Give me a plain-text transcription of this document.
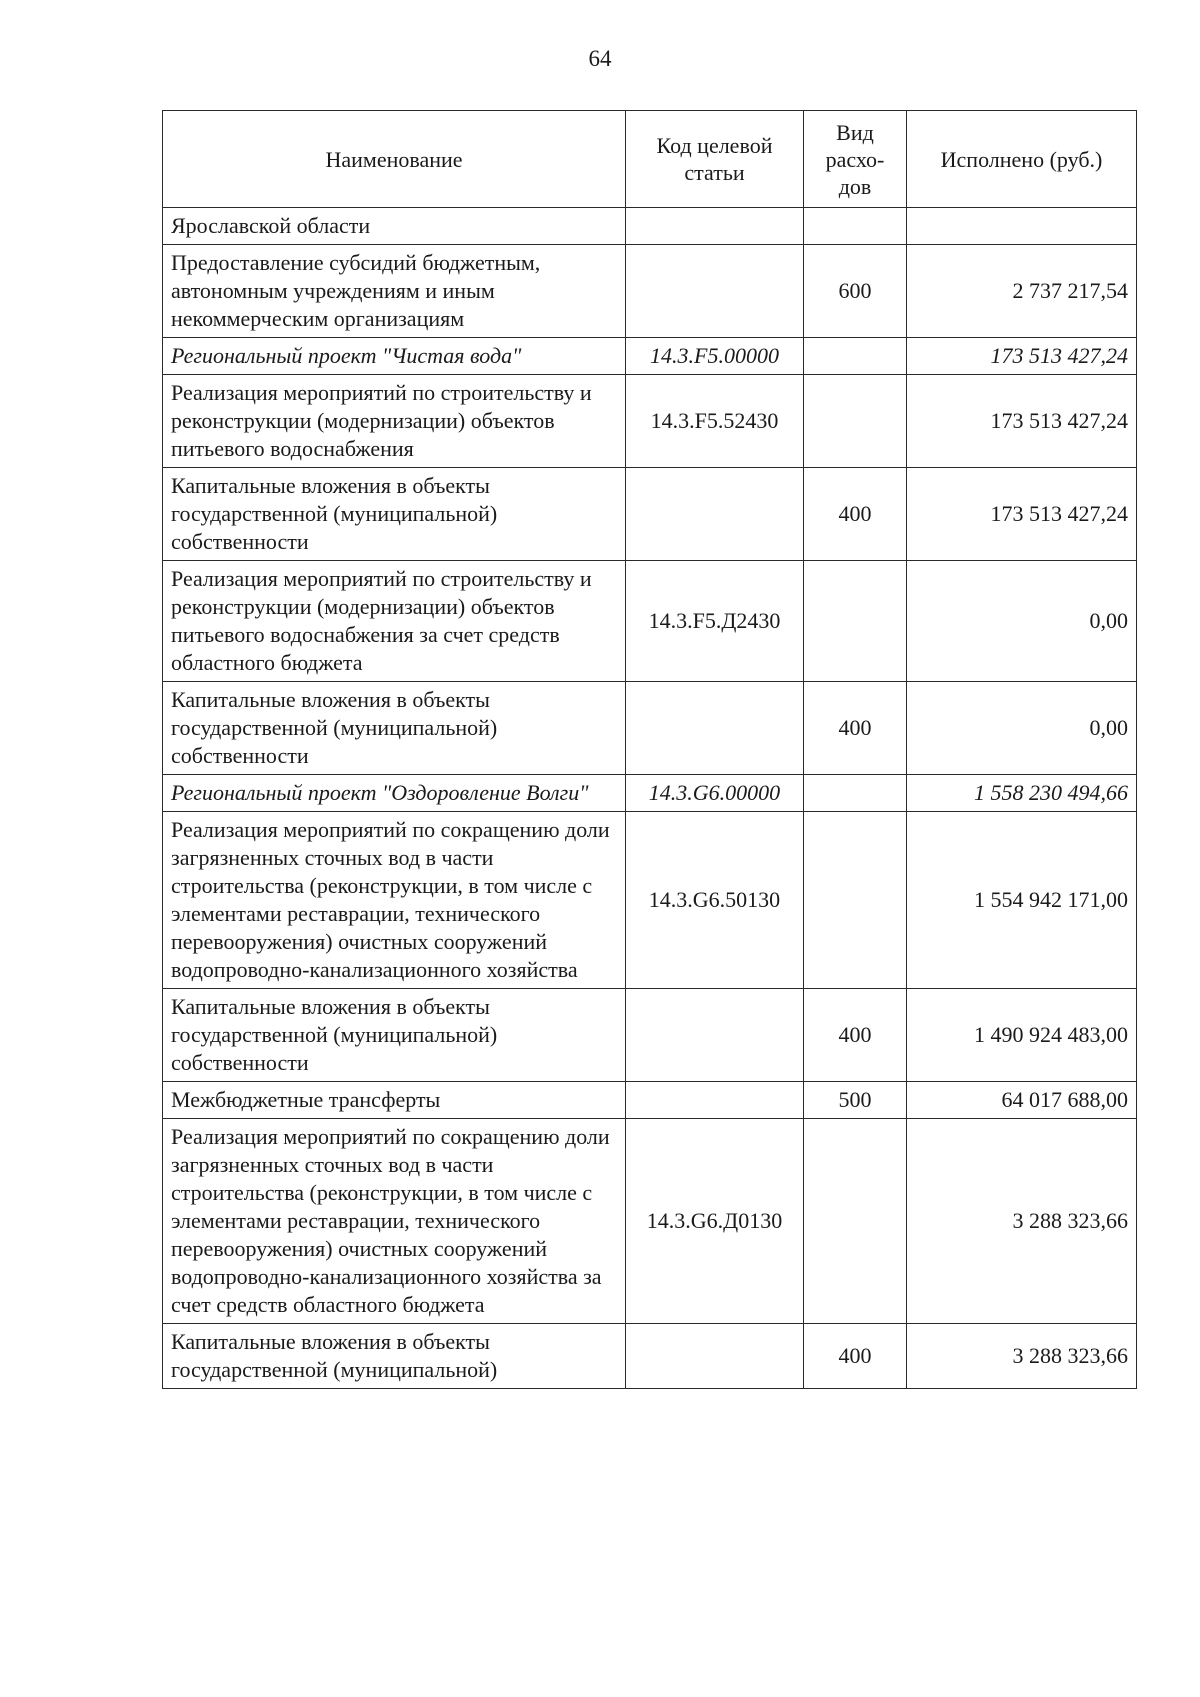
64
Наименование	Код целевой статьи	Вид расхо-дов	Исполнено (руб.)
Ярославской области			
Предоставление субсидий бюджетным, автономным учреждениям и иным некоммерческим организациям		600	2 737 217,54
Региональный проект "Чистая вода"	14.3.F5.00000		173 513 427,24
Реализация мероприятий по строительству и реконструкции (модернизации) объектов питьевого водоснабжения	14.3.F5.52430		173 513 427,24
Капитальные вложения в объекты государственной (муниципальной) собственности		400	173 513 427,24
Реализация мероприятий по строительству и реконструкции (модернизации) объектов питьевого водоснабжения за счет средств областного бюджета	14.3.F5.Д2430		0,00
Капитальные вложения в объекты государственной (муниципальной) собственности		400	0,00
Региональный проект "Оздоровление Волги"	14.3.G6.00000		1 558 230 494,66
Реализация мероприятий по сокращению доли загрязненных сточных вод в части строительства (реконструкции, в том числе с элементами реставрации, технического перевооружения) очистных сооружений водопроводно-канализационного хозяйства	14.3.G6.50130		1 554 942 171,00
Капитальные вложения в объекты государственной (муниципальной) собственности		400	1 490 924 483,00
Межбюджетные трансферты		500	64 017 688,00
Реализация мероприятий по сокращению доли загрязненных сточных вод в части строительства (реконструкции, в том числе с элементами реставрации, технического перевооружения) очистных сооружений водопроводно-канализационного хозяйства за счет средств областного бюджета	14.3.G6.Д0130		3 288 323,66
Капитальные вложения в объекты государственной (муниципальной)		400	3 288 323,66
